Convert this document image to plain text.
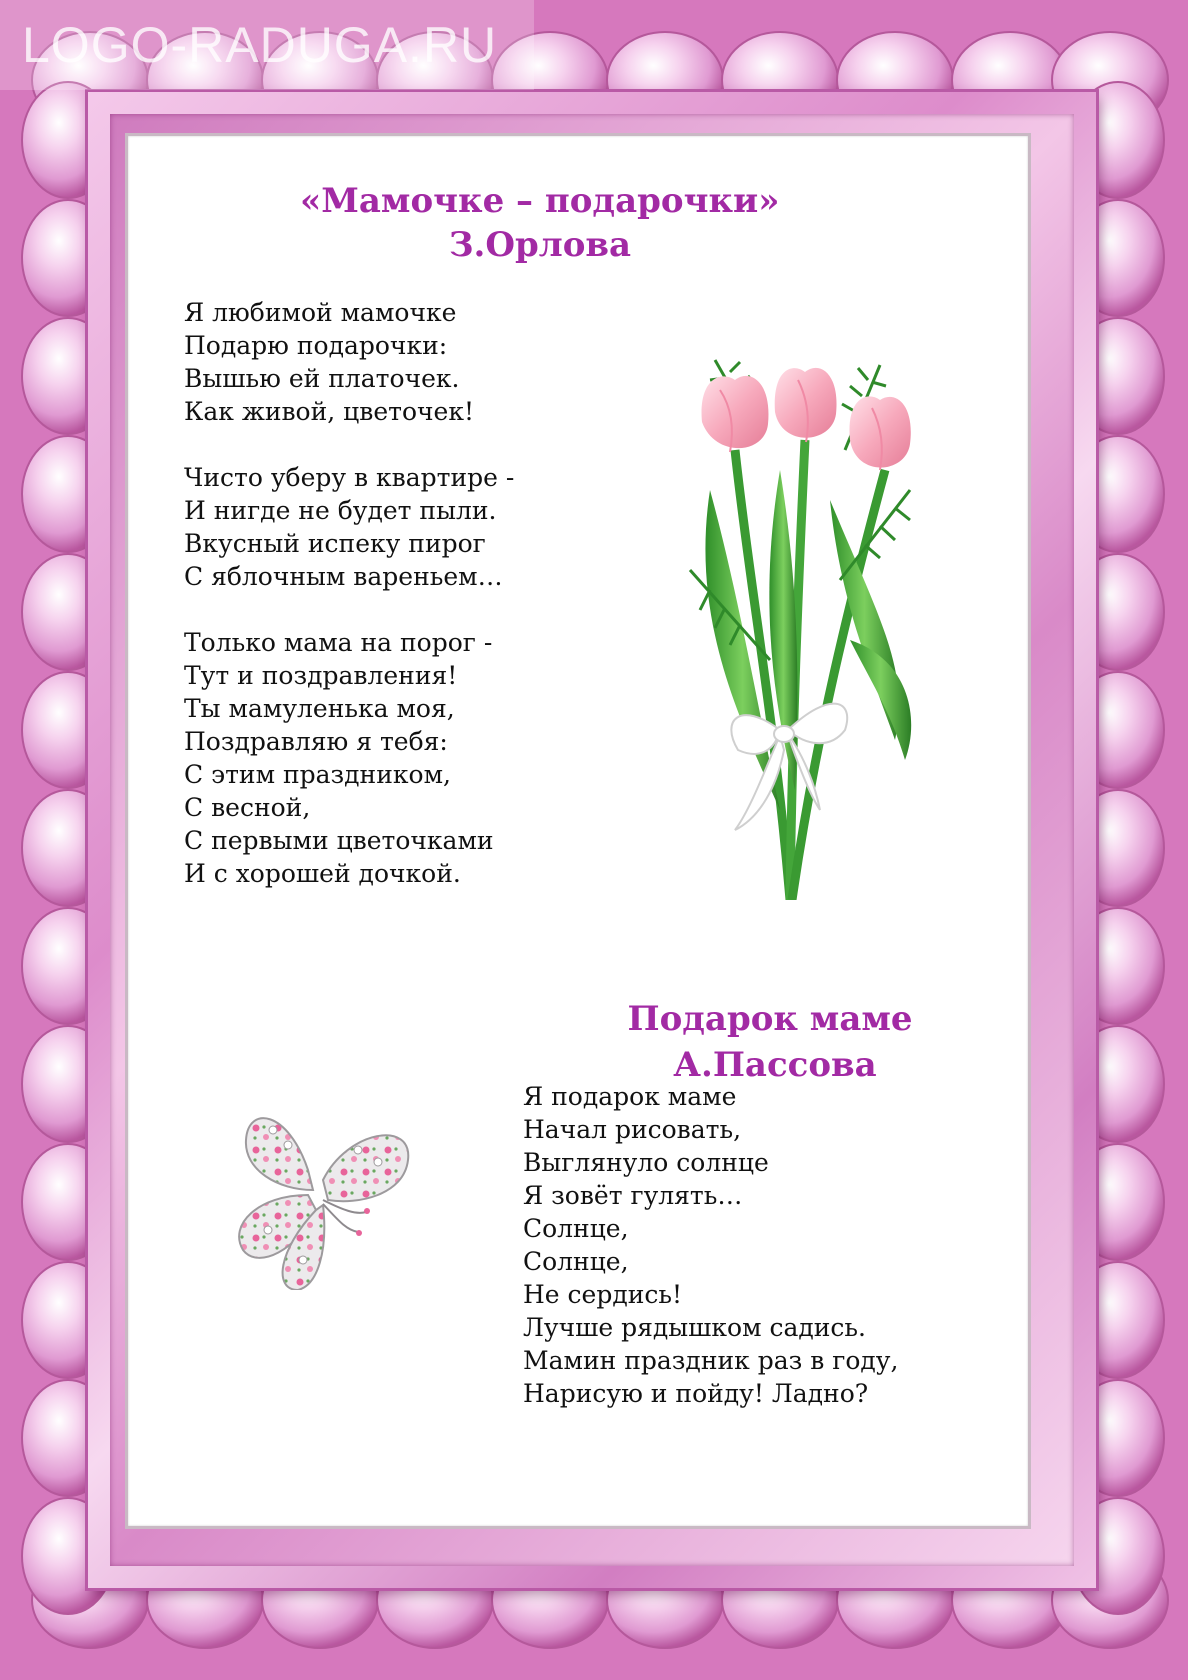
LOGO-RADUGA.RU
«Мамочке – подарочки»
З.Орлова
Я любимой мамочке
Подарю подарочки:
Вышью ей платочек.
Как живой, цветочек!
Чисто уберу в квартире -
И нигде не будет пыли.
Вкусный испеку пирог
С яблочным вареньем…
Только мама на порог -
Тут и поздравления!
Ты мамуленька моя,
Поздравляю я тебя:
С этим праздником,
С весной,
С первыми цветочками
И с хорошей дочкой.
Подарок маме
А.Пассова
Я подарок маме
Начал рисовать,
Выглянуло солнце
Я зовёт гулять…
Солнце,
Солнце,
Не сердись!
Лучше рядышком садись.
Мамин праздник раз в году,
Нарисую и пойду! Ладно?
